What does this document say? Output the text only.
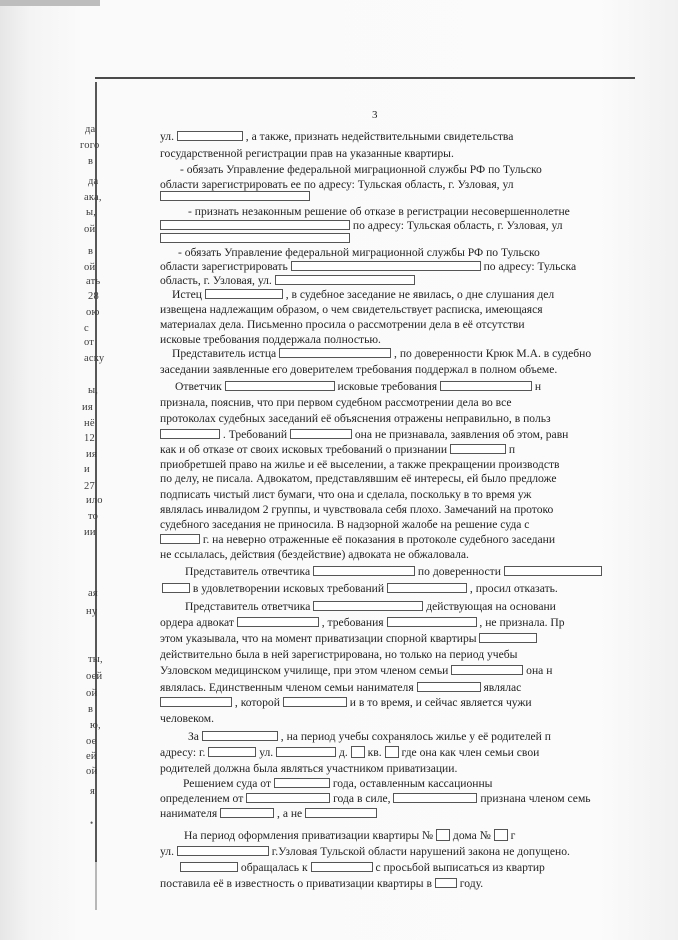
3
да
гого
в
да
ака,
ы,
ой
в
ой
ать
28
ою
с
от
аску
ы,
ия
нё
12
ия
и
27
ило
то
ии
ая
ну
ты,
оей
ой
в
ю,
ое
ей
ой
я
ул.	, а также, признать недействительными свидетельства
государственной регистрации прав на указанные квартиры.
- обязать Управление федеральной миграционной службы РФ по Тульско
области зарегистрировать ее по адресу: Тульская область, г. Узловая, ул
- признать незаконным решение об отказе в регистрации несовершеннолетне
по адресу: Тульская область, г. Узловая, ул
- обязать Управление федеральной миграционной службы РФ по Тульско
области зарегистрировать	по адресу: Тульска
область, г. Узловая, ул.
Истец	, в судебное заседание не явилась, о дне слушания дел
извещена надлежащим образом, о чем свидетельствует расписка, имеющаяся
материалах дела. Письменно просила о рассмотрении дела в её отсутстви
исковые требования поддержала полностью.
Представитель истца	, по доверенности Крюк М.А. в судебно
заседании заявленные его доверителем требования поддержал в полном объеме.
Ответчик	исковые требования	н
признала, пояснив, что при первом судебном рассмотрении дела во все
протоколах судебных заседаний её объяснения отражены неправильно, в польз
. Требований	она не признавала, заявления об этом, равн
как и об отказе от своих исковых требований о признании	п
приобретшей право на жилье и её выселении, а также прекращении производств
по делу, не писала. Адвокатом, представлявшим её интересы, ей было предложе
подписать чистый лист бумаги, что она и сделала, поскольку в то время уж
являлась инвалидом 2 группы, и чувствовала себя плохо. Замечаний на протоко
судебного заседания не приносила. В надзорной жалобе на решение суда с
г. на неверно отраженные её показания в протоколе судебного заседани
не ссылалась, действия (бездействие) адвоката не обжаловала.
Представитель отвечтика	по доверенности
в удовлетворении исковых требований	, просил отказать.
Представитель ответчика	действующая на основани
ордера адвокат	, требования	, не признала. Пр
этом указывала, что на момент приватизации спорной квартиры
действительно была в ней зарегистрирована, но только на период учебы
Узловском медицинском училище, при этом членом семьи	она н
являлась. Единственным членом семьи нанимателя	являлас
, которой	и в то время, и сейчас является чужи
человеком.
За	, на период учебы сохранялось жилье у её родителей п
адресу: г.	ул.	д. кв. где она как член семьи свои
родителей должна была являться участником приватизации.
Решением суда от	года, оставленным кассационны
определением от	года в силе,	признана членом семь
нанимателя	, а не
На период оформления приватизации квартиры № дома № г
ул.	г.Узловая Тульской области нарушений закона не допущено.
обращалась к	с просьбой выписаться из квартир
поставила её в известность о приватизации квартиры в году.
•
